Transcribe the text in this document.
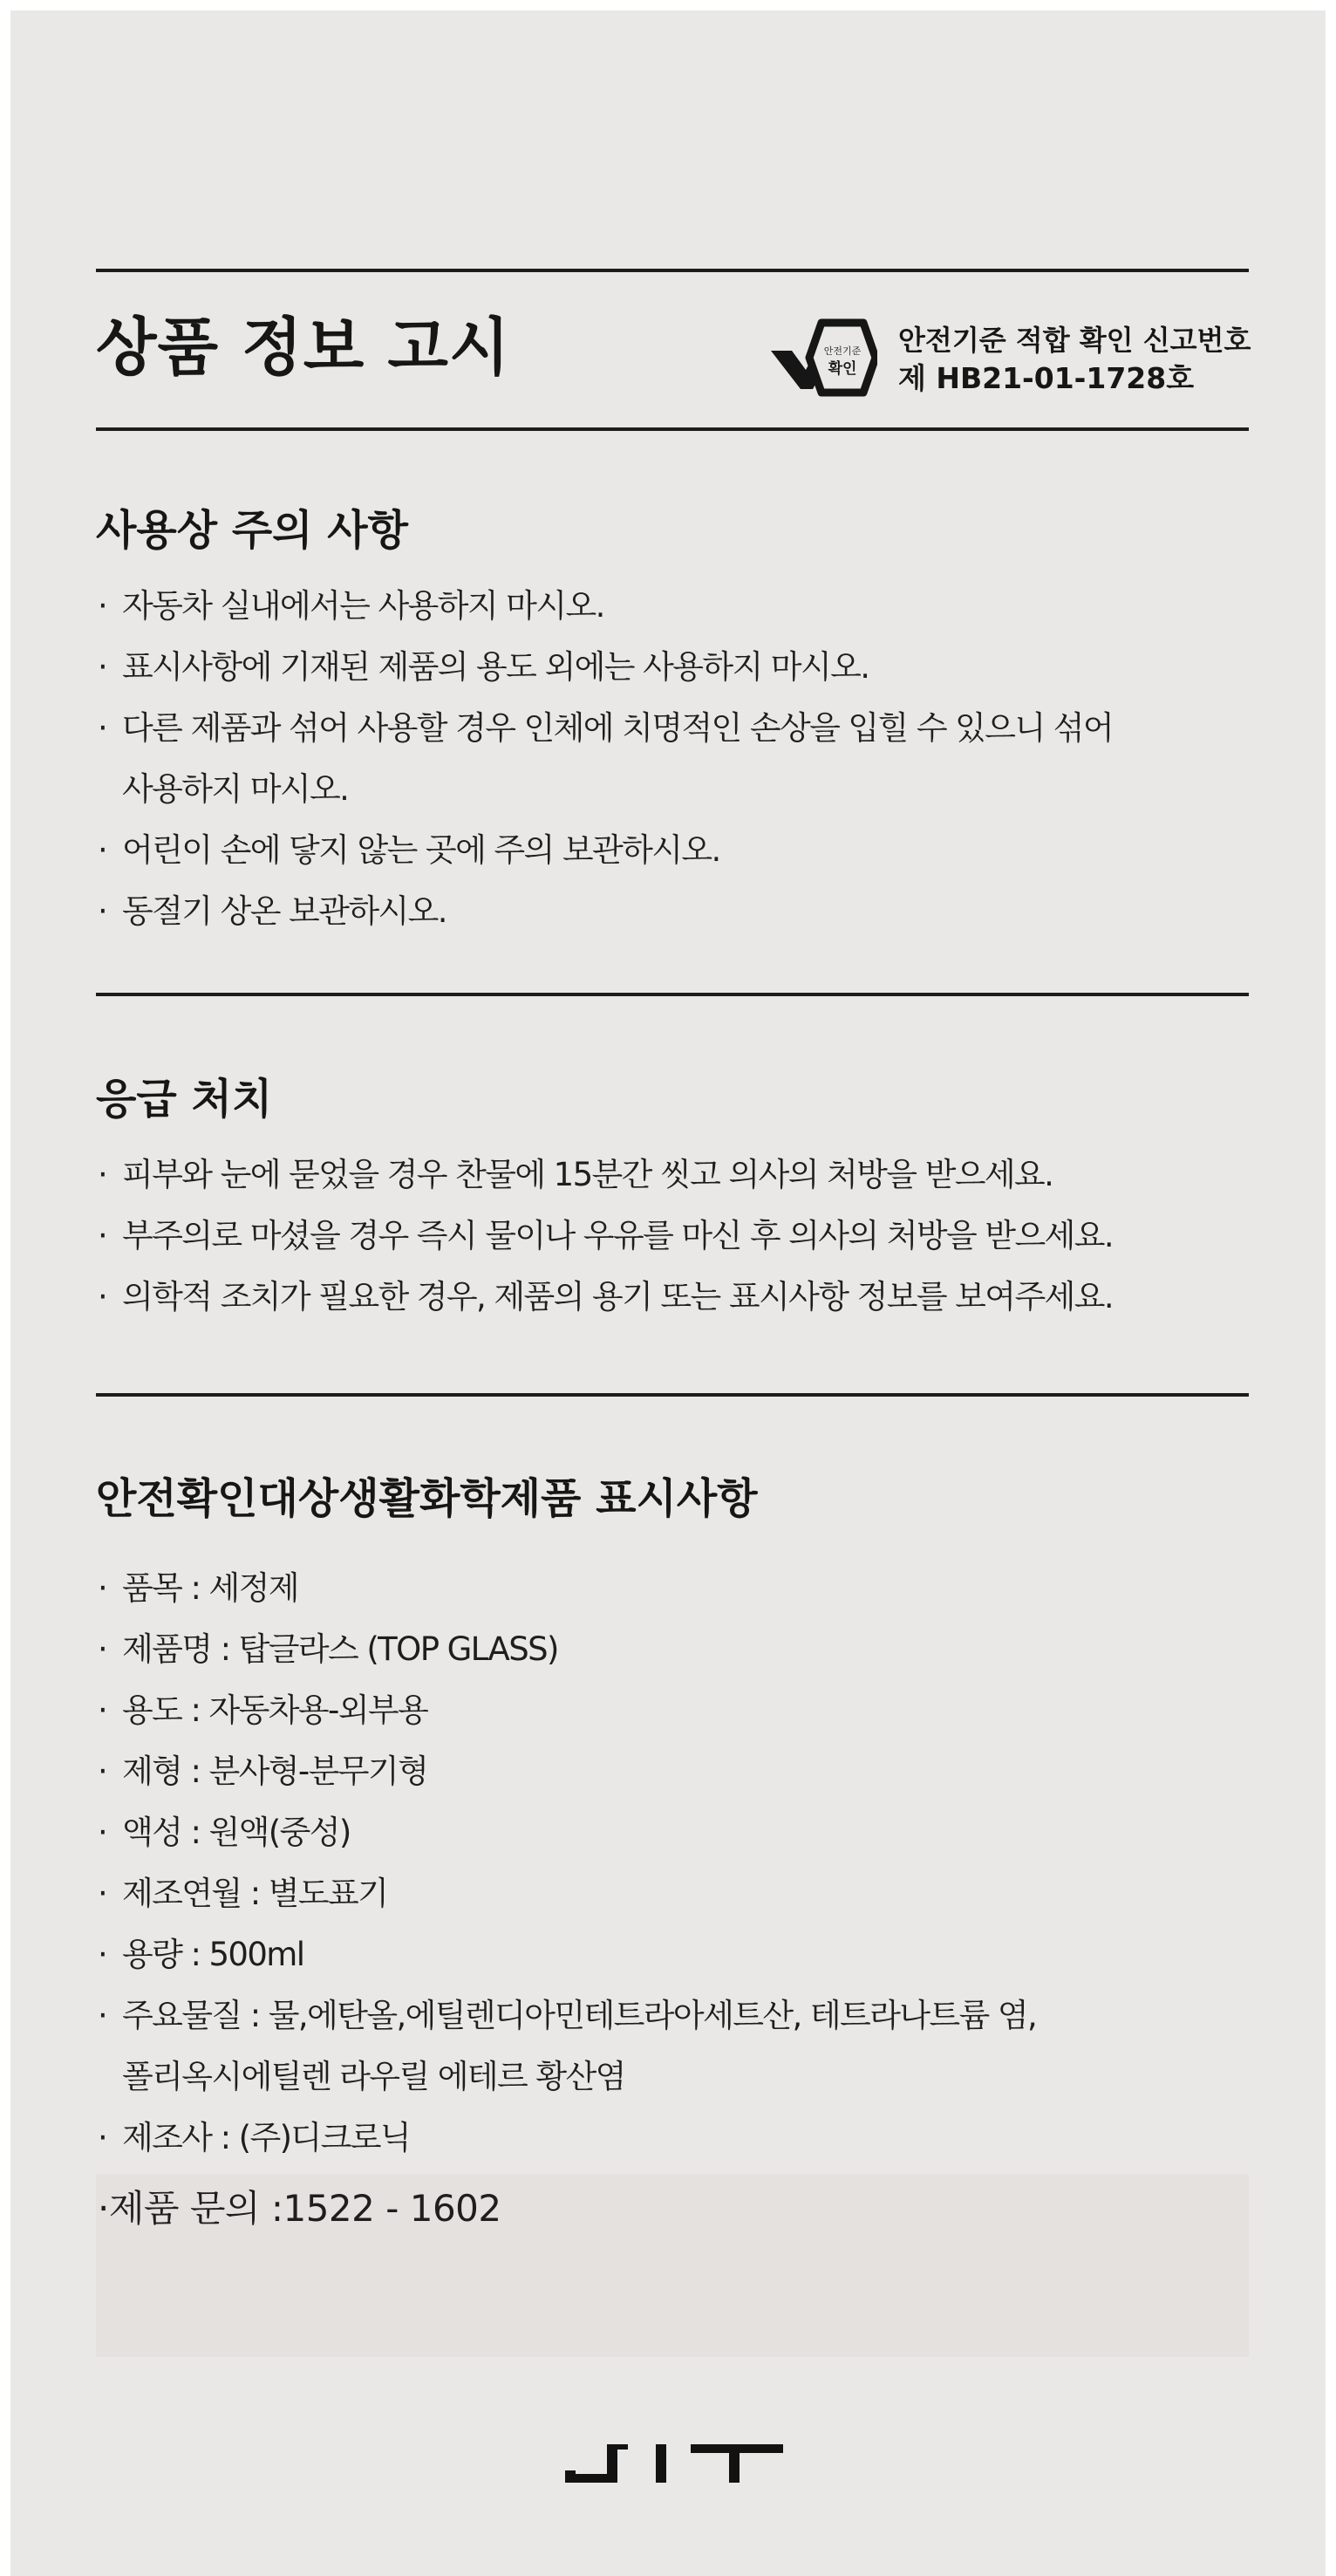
상품 정보 고시	안전기준
확인
안전기준 적합 확인 신고번호
제 HB21-01-1728호
사용상 주의 사항
· 자동차 실내에서는 사용하지 마시오.
· 표시사항에 기재된 제품의 용도 외에는 사용하지 마시오.
· 다른 제품과 섞어 사용할 경우 인체에 치명적인 손상을 입힐 수 있으니 섞어
사용하지 마시오.
· 어린이 손에 닿지 않는 곳에 주의 보관하시오.
· 동절기 상온 보관하시오.
응급 처치
· 피부와 눈에 묻었을 경우 찬물에 15분간 씻고 의사의 처방을 받으세요.
· 부주의로 마셨을 경우 즉시 물이나 우유를 마신 후 의사의 처방을 받으세요.
· 의학적 조치가 필요한 경우, 제품의 용기 또는 표시사항 정보를 보여주세요.
안전확인대상생활화학제품 표시사항
· 품목 : 세정제
· 제품명 : 탑글라스 (TOP GLASS)
· 용도 : 자동차용-외부용
· 제형 : 분사형-분무기형
· 액성 : 원액(중성)
· 제조연월 : 별도표기
· 용량 : 500ml
· 주요물질 : 물,에탄올,에틸렌디아민테트라아세트산, 테트라나트륨 염,
폴리옥시에틸렌 라우릴 에테르 황산염
· 제조사 : (주)디크로닉
·제품 문의 :1522 - 1602
